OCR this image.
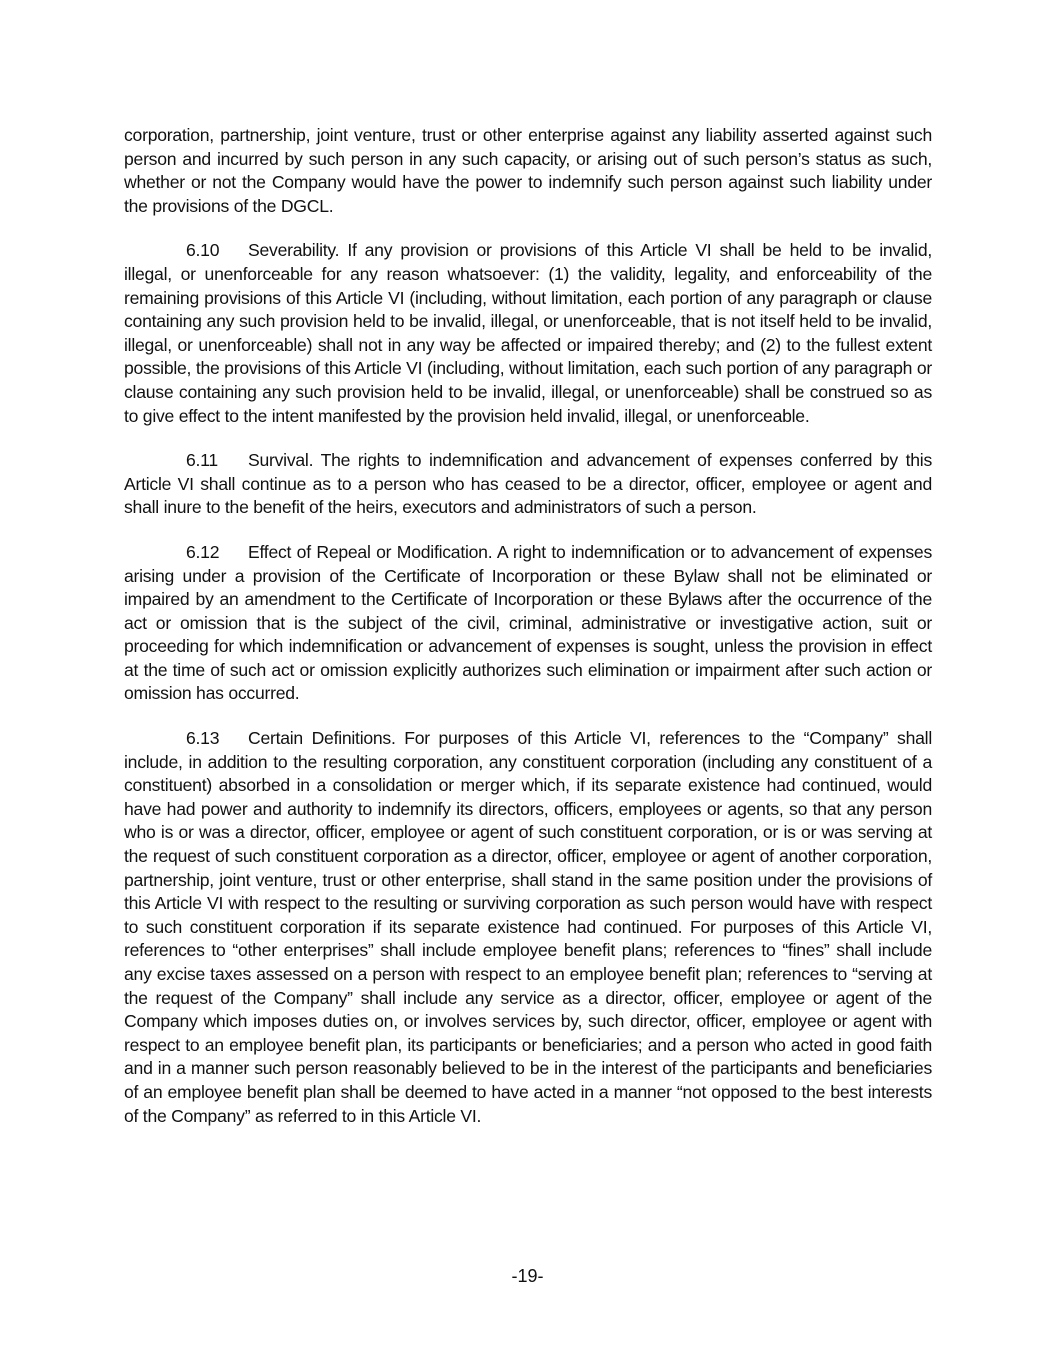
corporation, partnership, joint venture, trust or other enterprise against any liability asserted against such person and incurred by such person in any such capacity, or arising out of such person’s status as such, whether or not the Company would have the power to indemnify such person against such liability under the provisions of the DGCL.

6.10 Severability. If any provision or provisions of this Article VI shall be held to be invalid, illegal, or unenforceable for any reason whatsoever: (1) the validity, legality, and enforceability of the remaining provisions of this Article VI (including, without limitation, each portion of any paragraph or clause containing any such provision held to be invalid, illegal, or unenforceable, that is not itself held to be invalid, illegal, or unenforceable) shall not in any way be affected or impaired thereby; and (2) to the fullest extent possible, the provisions of this Article VI (including, without limitation, each such portion of any paragraph or clause containing any such provision held to be invalid, illegal, or unenforceable) shall be construed so as to give effect to the intent manifested by the provision held invalid, illegal, or unenforceable.

6.11 Survival. The rights to indemnification and advancement of expenses conferred by this Article VI shall continue as to a person who has ceased to be a director, officer, employee or agent and shall inure to the benefit of the heirs, executors and administrators of such a person.

6.12 Effect of Repeal or Modification. A right to indemnification or to advancement of expenses arising under a provision of the Certificate of Incorporation or these Bylaw shall not be eliminated or impaired by an amendment to the Certificate of Incorporation or these Bylaws after the occurrence of the act or omission that is the subject of the civil, criminal, administrative or investigative action, suit or proceeding for which indemnification or advancement of expenses is sought, unless the provision in effect at the time of such act or omission explicitly authorizes such elimination or impairment after such action or omission has occurred.

6.13 Certain Definitions. For purposes of this Article VI, references to the “Company” shall include, in addition to the resulting corporation, any constituent corporation (including any constituent of a constituent) absorbed in a consolidation or merger which, if its separate existence had continued, would have had power and authority to indemnify its directors, officers, employees or agents, so that any person who is or was a director, officer, employee or agent of such constituent corporation, or is or was serving at the request of such constituent corporation as a director, officer, employee or agent of another corporation, partnership, joint venture, trust or other enterprise, shall stand in the same position under the provisions of this Article VI with respect to the resulting or surviving corporation as such person would have with respect to such constituent corporation if its separate existence had continued. For purposes of this Article VI, references to “other enterprises” shall include employee benefit plans; references to “fines” shall include any excise taxes assessed on a person with respect to an employee benefit plan; references to “serving at the request of the Company” shall include any service as a director, officer, employee or agent of the Company which imposes duties on, or involves services by, such director, officer, employee or agent with respect to an employee benefit plan, its participants or beneficiaries; and a person who acted in good faith and in a manner such person reasonably believed to be in the interest of the participants and beneficiaries of an employee benefit plan shall be deemed to have acted in a manner “not opposed to the best interests of the Company” as referred to in this Article VI.

-19-
